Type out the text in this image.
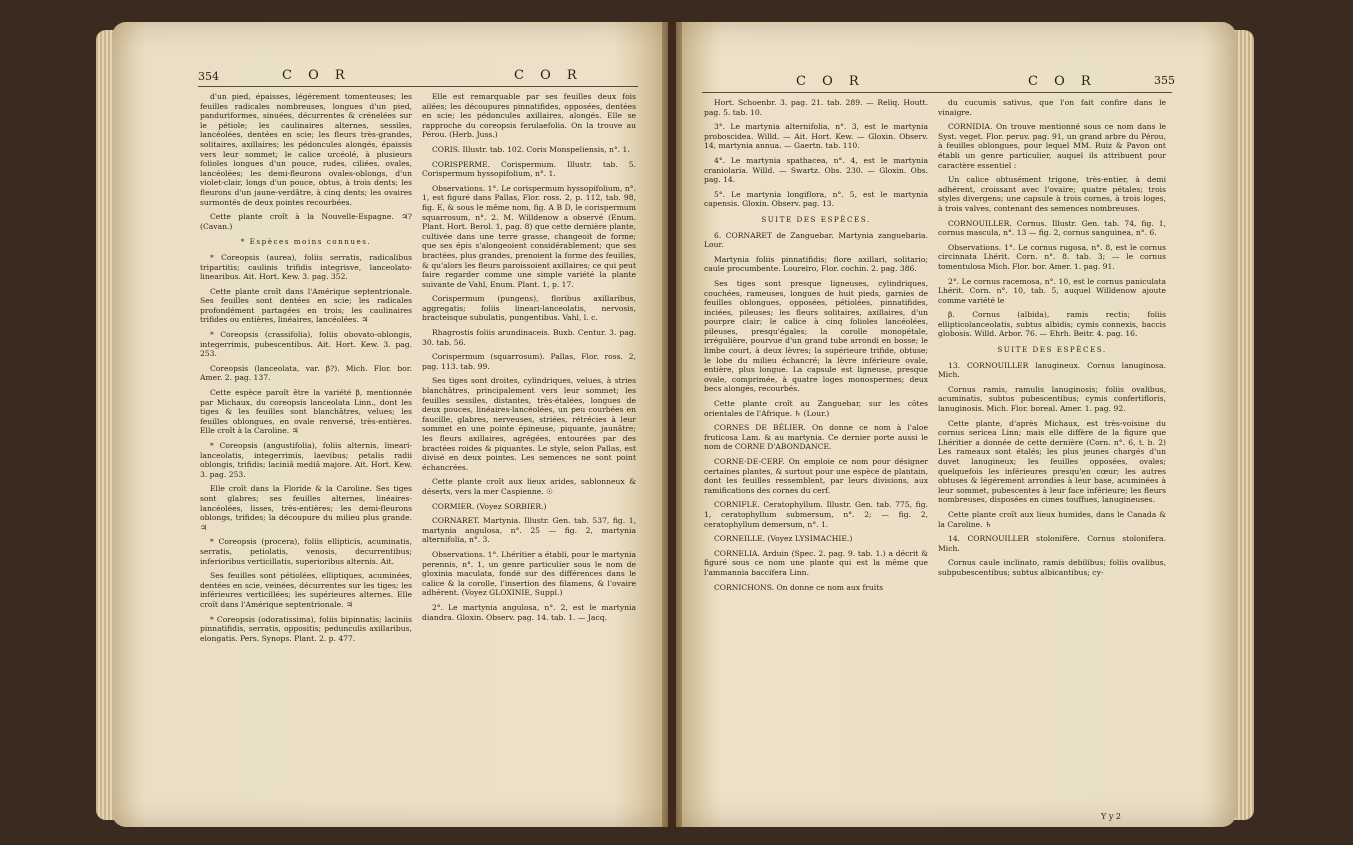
354	C O R	C O R

d'un pied, épaisses, légérement tomenteuses; les feuilles radicales nombreuses, longues d'un pied, panduriformes, sinuées, décurrentes & crénelées sur le pétiole; les caulinaires alternes, sessiles, lancéolées, dentées en scie; les fleurs très-grandes, solitaires, axillaires; les pédoncules alongés, épaissis vers leur sommet; le calice urcéolé, à plusieurs folioles longues d'un pouce, rudes, ciliées, ovales, lancéolées; les demi-fleurons ovales-oblongs, d'un violet-clair, longs d'un pouce, obtus, à trois dents; les fleurons d'un jaune-verdâtre, à cinq dents; les ovaires surmontés de deux pointes recourbées.

Cette plante croît à la Nouvelle-Espagne. ♃? (Cavan.)

* Espèces moins connues.

* Coreopsis (aurea), foliis serratis, radicalibus tripartitis; caulinis trifidis integrisve, lanceolato-linearibus. Ait. Hort. Kew. 3. pag. 352.

Cette plante croît dans l'Amérique septentrionale. Ses feuilles sont dentées en scie; les radicales profondément partagées en trois; les caulinaires trifides ou entières, linéaires, lancéolées. ♃

* Coreopsis (crassifolia), foliis obovato-oblongis, integerrimis, pubescentibus. Ait. Hort. Kew. 3. pag. 253.

Coreopsis (lanceolata, var. β?). Mich. Flor. bor. Amer. 2. pag. 137.

Cette espèce paroît être la variété β, mentionnée par Michaux, du coreopsis lanceolata Linn., dont les tiges & les feuilles sont blanchâtres, velues; les feuilles oblongues, en ovale renversé, très-entières. Elle croît à la Caroline. ♃

* Coreopsis (angustifolia), foliis alternis, lineari-lanceolatis, integerrimis, laevibus; petalis radii oblongis, trifidis; laciniâ mediâ majore. Ait. Hort. Kew. 3. pag. 253.

Elle croît dans la Floride & la Caroline. Ses tiges sont glabres; ses feuilles alternes, linéaires-lancéolées, lisses, très-entières; les demi-fleurons oblongs, trifides; la découpure du milieu plus grande. ♃

* Coreopsis (procera), foliis ellipticis, acuminatis, serratis, petiolatis, venosis, decurrentibus; inferioribus verticillatis, superioribus alternis. Ait.

Ses feuilles sont pétiolées, elliptiques, acuminées, dentées en scie, veinées, décurrentes sur les tiges; les inférieures verticillées; les supérieures alternes. Elle croît dans l'Amérique septentrionale. ♃

* Coreopsis (odoratissima), foliis bipinnatis; laciniis pinnatifidis, serratis, oppositis; pedunculis axillaribus, elongatis. Pers. Synops. Plant. 2. p. 477.

Elle est remarquable par ses feuilles deux fois ailées; les découpures pinnatifides, opposées, dentées en scie; les pédoncules axillaires, alongés. Elle se rapproche du coreopsis ferulaefolia. On la trouve au Pérou. (Herb. Juss.)

CORIS. Illustr. tab. 102. Coris Monspeliensis, n°. 1.

CORISPERME. Corispermum. Illustr. tab. 5. Corispermum hyssopifolium, n°. 1.

Observations. 1°. Le corispermum hyssopifolium, n°. 1, est figuré dans Pallas, Flor. ross. 2, p. 112, tab. 98, fig. E, & sous le même nom, fig. A B D, le corispermum squarrosum, n°. 2. M. Willdenow a observé (Enum. Plant. Hort. Berol. 1, pag. 8) que cette dernière plante, cultivée dans une terre grasse, changeoit de forme; que ses épis s'alongeoient considérablement; que ses bractées, plus grandes, prenoient la forme des feuilles, & qu'alors les fleurs paroissoient axillaires; ce qui peut faire regarder comme une simple variété la plante suivante de Vahl, Enum. Plant. 1, p. 17.

Corispermum (pungens), floribus axillaribus, aggregatis; foliis lineari-lanceolatis, nervosis, bracteisque subulatis, pungentibus. Vahl, l. c.

Rhagrostis foliis arundinaceis. Buxb. Centur. 3. pag. 30. tab. 56.

Corispermum (squarrosum). Pallas, Flor. ross. 2, pag. 113. tab. 99.

Ses tiges sont droites, cylindriques, velues, à stries blanchâtres, principalement vers leur sommet; les feuilles sessiles, distantes, très-étalées, longues de deux pouces, linéaires-lancéolées, un peu courbées en faucille, glabres, nerveuses, striées, rétrécies à leur sommet en une pointe épineuse, piquante, jaunâtre; les fleurs axillaires, agrégées, entourées par des bractées roides & piquantes. Le style, selon Pallas, est divisé en deux pointes. Les semences ne sont point échancrées.

Cette plante croît aux lieux arides, sablonneux & déserts, vers la mer Caspienne. ☉

CORMIER. (Voyez SORBIER.)

CORNARET. Martynia. Illustr. Gen. tab. 537, fig. 1, martynia angulosa, n°. 25 — fig. 2, martynia alternifolia, n°. 3.

Observations. 1°. Lhéritier a établi, pour le martynia perennis, n°. 1, un genre particulier sous le nom de gloxinia maculata, fondé sur des différences dans le calice & la corolle, l'insertion des filamens, & l'ovaire adhérent. (Voyez GLOXINIE, Suppl.)

2°. Le martynia angulosa, n°. 2, est le martynia diandra. Gloxin. Observ. pag. 14. tab. 1. — Jacq.

C O R	C O R	355

Hort. Schoenbr. 3. pag. 21. tab. 289. — Reliq. Houtt. pag. 5. tab. 10.

3°. Le martynia alternifolia, n°. 3, est le martynia proboscidea. Willd. — Ait. Hort. Kew. — Gloxin. Observ. 14, martynia annua. — Gaertn. tab. 110.

4°. Le martynia spathacea, n°. 4, est le martynia craniolaria. Willd. — Swartz. Obs. 230. — Gloxin. Obs. pag. 14.

5°. Le martynia longiflora, n°. 5, est le martynia capensis. Gloxin. Observ. pag. 13.

SUITE DES ESPÈCES.

6. CORNARET de Zanguebar. Martynia zanguebaria. Lour.

Martynia foliis pinnatifidis; flore axillari, solitario; caule procumbente. Loureiro, Flor. cochin. 2. pag. 386.

Ses tiges sont presque ligneuses, cylindriques, couchées, rameuses, longues de huit pieds, garnies de feuilles oblongues, opposées, pétiolées, pinnatifides, inciées, pileuses; les fleurs solitaires, axillaires, d'un pourpre clair; le calice à cinq folioles lancéolées, pileuses, presqu'égales; la corolle monopétale, irrégulière, pourvue d'un grand tube arrondi en bosse; le limbe court, à deux lèvres; la supérieure trifide, obtuse; le lobe du milieu échancré; la lèvre inférieure ovale, entière, plus longue. La capsule est ligneuse, presque ovale, comprimée, à quatre loges monospermes; deux becs alongés, recourbés.

Cette plante croît au Zanguebar, sur les côtes orientales de l'Afrique. ♄ (Lour.)

CORNES DE BÉLIER. On donne ce nom à l'aloe fruticosa Lam. & au martynia. Ce dernier porte aussi le nom de CORNE D'ABONDANCE.

CORNE-DE-CERF. On emploie ce nom pour désigner certaines plantes, & surtout pour une espèce de plantain, dont les feuilles ressemblent, par leurs divisions, aux ramifications des cornes du cerf.

CORNIFLE. Ceratophyllum. Illustr. Gen. tab. 775, fig. 1, ceratophyllum submersum, n°. 2; — fig. 2, ceratophyllum demersum, n°. 1.

CORNEILLE. (Voyez LYSIMACHIE.)

CORNELIA. Arduin (Spec. 2. pag. 9. tab. 1.) a décrit & figuré sous ce nom une plante qui est la même que l'ammannia baccifera Linn.

CORNICHONS. On donne ce nom aux fruits

du cucumis sativus, que l'on fait confire dans le vinaigre.

CORNIDIA. On trouve mentionné sous ce nom dans le Syst. veget. Flor. peruv. pag. 91, un grand arbre du Pérou, à feuilles oblongues, pour lequel MM. Ruiz & Pavon ont établi un genre particulier, auquel ils attribuent pour caractère essentiel :

Un calice obtusément trigone, très-entier, à demi adhérent, croissant avec l'ovaire; quatre pétales; trois styles divergens; une capsule à trois cornes, à trois loges, à trois valves, contenant des semences nombreuses.

CORNOUILLER. Cornus. Illustr. Gen. tab. 74, fig. 1, cornus mascula, n°. 13 — fig. 2, cornus sanguinea, n°. 6.

Observations. 1°. Le cornus rugosa, n°. 8, est le cornus circinnata Lhérit. Corn. n°. 8. tab. 3; — le cornus tomentulosa Mich. Flor. bor. Amer. 1. pag. 91.

2°. Le cornus racemosa, n°. 10, est le cornus paniculata Lhérit. Corn. n°. 10, tab. 5, auquel Willdenow ajoute comme variété le

β. Cornus (albida), ramis rectis; foliis ellipticolanceolatis, subtus albidis; cymis connexis, baccis globosis. Willd. Arbor. 76. — Ehrh. Beitr. 4. pag. 16.

SUITE DES ESPÈCES.

13. CORNOUILLER lanugineux. Cornus lanuginosa. Mich.

Cornus ramis, ramulis lanuginosis; foliis ovalibus, acuminatis, subtus pubescentibus; cymis confertifloris, lanuginosis. Mich. Flor. boreal. Amer. 1. pag. 92.

Cette plante, d'après Michaux, est très-voisine du cornus sericea Linn; mais elle diffère de la figure que Lhéritier a donnée de cette dernière (Corn. n°. 6, t. b. 2) Les rameaux sont étalés; les plus jeunes chargés d'un duvet lanugineux; les feuilles opposées, ovales; quelquefois les inférieures presqu'en cœur; les autres obtuses & légérement arrondies à leur base, acuminées à leur sommet, pubescentes à leur face inférieure; les fleurs nombreuses, disposées en cimes touffues, lanugineuses.

Cette plante croît aux lieux humides, dans le Canada & la Caroline. ♄

14. CORNOUILLER stolonifère. Cornus stolonifera. Mich.

Cornus caule inclinato, ramis debilibus; foliis ovalibus, subpubescentibus; subtus albicantibus; cy-

Y y 2
